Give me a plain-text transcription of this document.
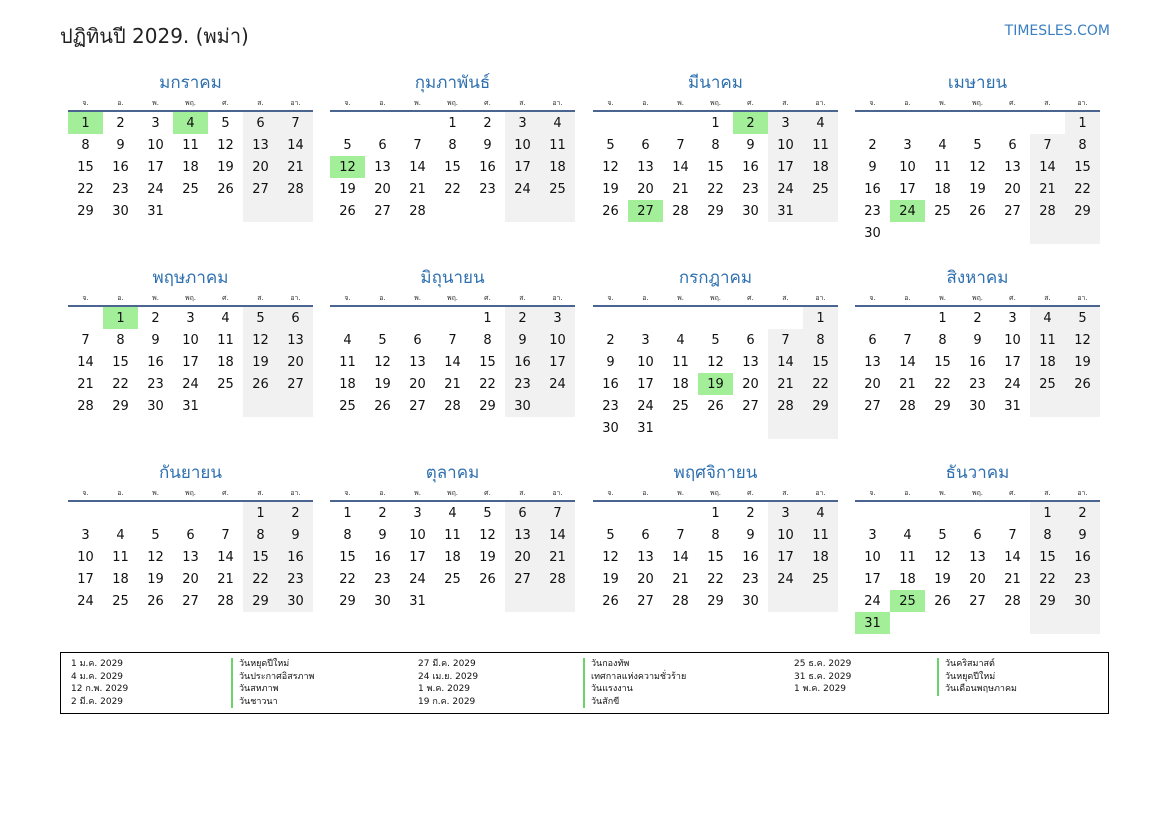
ปฏิทินปี 2029. (พม่า)	TIMESLES.COM
มกราคม
จ.	อ.	พ.	พฤ.	ศ.	ส.	อา.
1	2	3	4	5	6	7
8	9	10	11	12	13	14
15	16	17	18	19	20	21
22	23	24	25	26	27	28
29	30	31				
กุมภาพันธ์
จ.	อ.	พ.	พฤ.	ศ.	ส.	อา.
			1	2	3	4
5	6	7	8	9	10	11
12	13	14	15	16	17	18
19	20	21	22	23	24	25
26	27	28				
มีนาคม
จ.	อ.	พ.	พฤ.	ศ.	ส.	อา.
			1	2	3	4
5	6	7	8	9	10	11
12	13	14	15	16	17	18
19	20	21	22	23	24	25
26	27	28	29	30	31	
เมษายน
จ.	อ.	พ.	พฤ.	ศ.	ส.	อา.
						1
2	3	4	5	6	7	8
9	10	11	12	13	14	15
16	17	18	19	20	21	22
23	24	25	26	27	28	29
30						
พฤษภาคม
จ.	อ.	พ.	พฤ.	ศ.	ส.	อา.
	1	2	3	4	5	6
7	8	9	10	11	12	13
14	15	16	17	18	19	20
21	22	23	24	25	26	27
28	29	30	31			
มิถุนายน
จ.	อ.	พ.	พฤ.	ศ.	ส.	อา.
				1	2	3
4	5	6	7	8	9	10
11	12	13	14	15	16	17
18	19	20	21	22	23	24
25	26	27	28	29	30	
กรกฎาคม
จ.	อ.	พ.	พฤ.	ศ.	ส.	อา.
						1
2	3	4	5	6	7	8
9	10	11	12	13	14	15
16	17	18	19	20	21	22
23	24	25	26	27	28	29
30	31					
สิงหาคม
จ.	อ.	พ.	พฤ.	ศ.	ส.	อา.
		1	2	3	4	5
6	7	8	9	10	11	12
13	14	15	16	17	18	19
20	21	22	23	24	25	26
27	28	29	30	31		
กันยายน
จ.	อ.	พ.	พฤ.	ศ.	ส.	อา.
					1	2
3	4	5	6	7	8	9
10	11	12	13	14	15	16
17	18	19	20	21	22	23
24	25	26	27	28	29	30
ตุลาคม
จ.	อ.	พ.	พฤ.	ศ.	ส.	อา.
1	2	3	4	5	6	7
8	9	10	11	12	13	14
15	16	17	18	19	20	21
22	23	24	25	26	27	28
29	30	31				
พฤศจิกายน
จ.	อ.	พ.	พฤ.	ศ.	ส.	อา.
			1	2	3	4
5	6	7	8	9	10	11
12	13	14	15	16	17	18
19	20	21	22	23	24	25
26	27	28	29	30		
ธันวาคม
จ.	อ.	พ.	พฤ.	ศ.	ส.	อา.
					1	2
3	4	5	6	7	8	9
10	11	12	13	14	15	16
17	18	19	20	21	22	23
24	25	26	27	28	29	30
31						
1 ม.ค. 2029	วันหยุดปีใหม่
4 ม.ค. 2029	วันประกาศอิสรภาพ
12 ก.พ. 2029	วันสหภาพ
2 มี.ค. 2029	วันชาวนา
27 มี.ค. 2029	วันกองทัพ
24 เม.ย. 2029	เทศกาลแห่งความชั่วร้าย
1 พ.ค. 2029	วันแรงงาน
19 ก.ค. 2029	วันสักขี
25 ธ.ค. 2029	วันคริสมาสต์
31 ธ.ค. 2029	วันหยุดปีใหม่
1 พ.ค. 2029	วันเดือนพฤษภาคม
